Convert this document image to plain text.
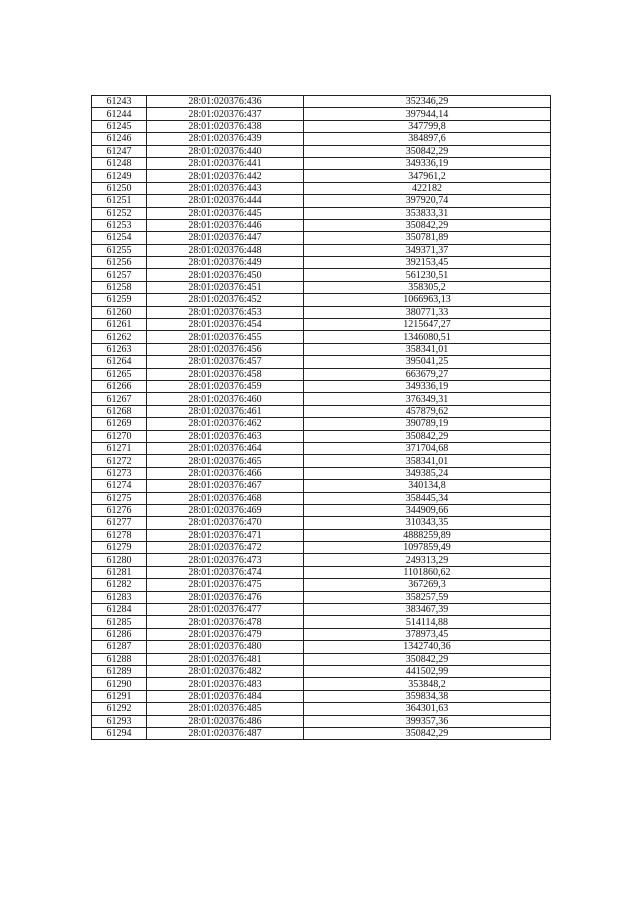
61243	28:01:020376:436	352346,29
61244	28:01:020376:437	397944,14
61245	28:01:020376:438	347799,8
61246	28:01:020376:439	384897,6
61247	28:01:020376:440	350842,29
61248	28:01:020376:441	349336,19
61249	28:01:020376:442	347961,2
61250	28:01:020376:443	422182
61251	28:01:020376:444	397920,74
61252	28:01:020376:445	353833,31
61253	28:01:020376:446	350842,29
61254	28:01:020376:447	350781,89
61255	28:01:020376:448	349371,37
61256	28:01:020376:449	392153,45
61257	28:01:020376:450	561230,51
61258	28:01:020376:451	358305,2
61259	28:01:020376:452	1066963,13
61260	28:01:020376:453	380771,33
61261	28:01:020376:454	1215647,27
61262	28:01:020376:455	1346080,51
61263	28:01:020376:456	358341,01
61264	28:01:020376:457	395041,25
61265	28:01:020376:458	663679,27
61266	28:01:020376:459	349336,19
61267	28:01:020376:460	376349,31
61268	28:01:020376:461	457879,62
61269	28:01:020376:462	390789,19
61270	28:01:020376:463	350842,29
61271	28:01:020376:464	371704,68
61272	28:01:020376:465	358341,01
61273	28:01:020376:466	349385,24
61274	28:01:020376:467	340134,8
61275	28:01:020376:468	358445,34
61276	28:01:020376:469	344909,66
61277	28:01:020376:470	310343,35
61278	28:01:020376:471	4888259,89
61279	28:01:020376:472	1097859,49
61280	28:01:020376:473	249313,29
61281	28:01:020376:474	1101860,62
61282	28:01:020376:475	367269,3
61283	28:01:020376:476	358257,59
61284	28:01:020376:477	383467,39
61285	28:01:020376:478	514114,88
61286	28:01:020376:479	378973,45
61287	28:01:020376:480	1342740,36
61288	28:01:020376:481	350842,29
61289	28:01:020376:482	441502,99
61290	28:01:020376:483	353848,2
61291	28:01:020376:484	359834,38
61292	28:01:020376:485	364301,63
61293	28:01:020376:486	399357,36
61294	28:01:020376:487	350842,29
